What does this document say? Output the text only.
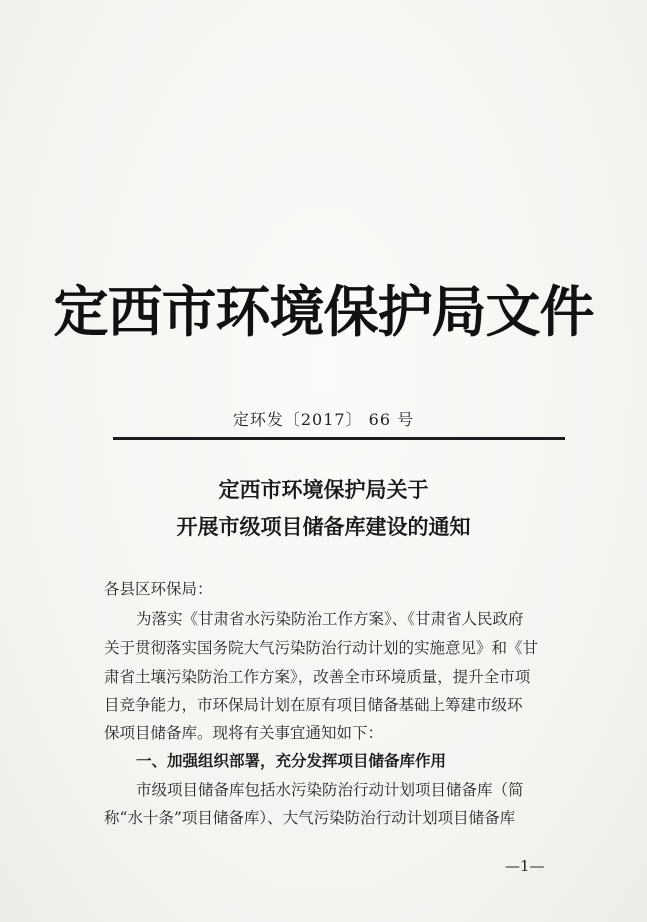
定西市环境保护局文件
定环发〔2017〕 66 号
定西市环境保护局关于
开展市级项目储备库建设的通知
各县区环保局：
为落实《甘肃省水污染防治工作方案》、《甘肃省人民政府
关于贯彻落实国务院大气污染防治行动计划的实施意见》和《甘
肃省土壤污染防治工作方案》，改善全市环境质量，提升全市项
目竞争能力，市环保局计划在原有项目储备基础上筹建市级环
保项目储备库。现将有关事宜通知如下：
一、加强组织部署，充分发挥项目储备库作用
市级项目储备库包括水污染防治行动计划项目储备库（简
称“水十条”项目储备库）、大气污染防治行动计划项目储备库
—1—
